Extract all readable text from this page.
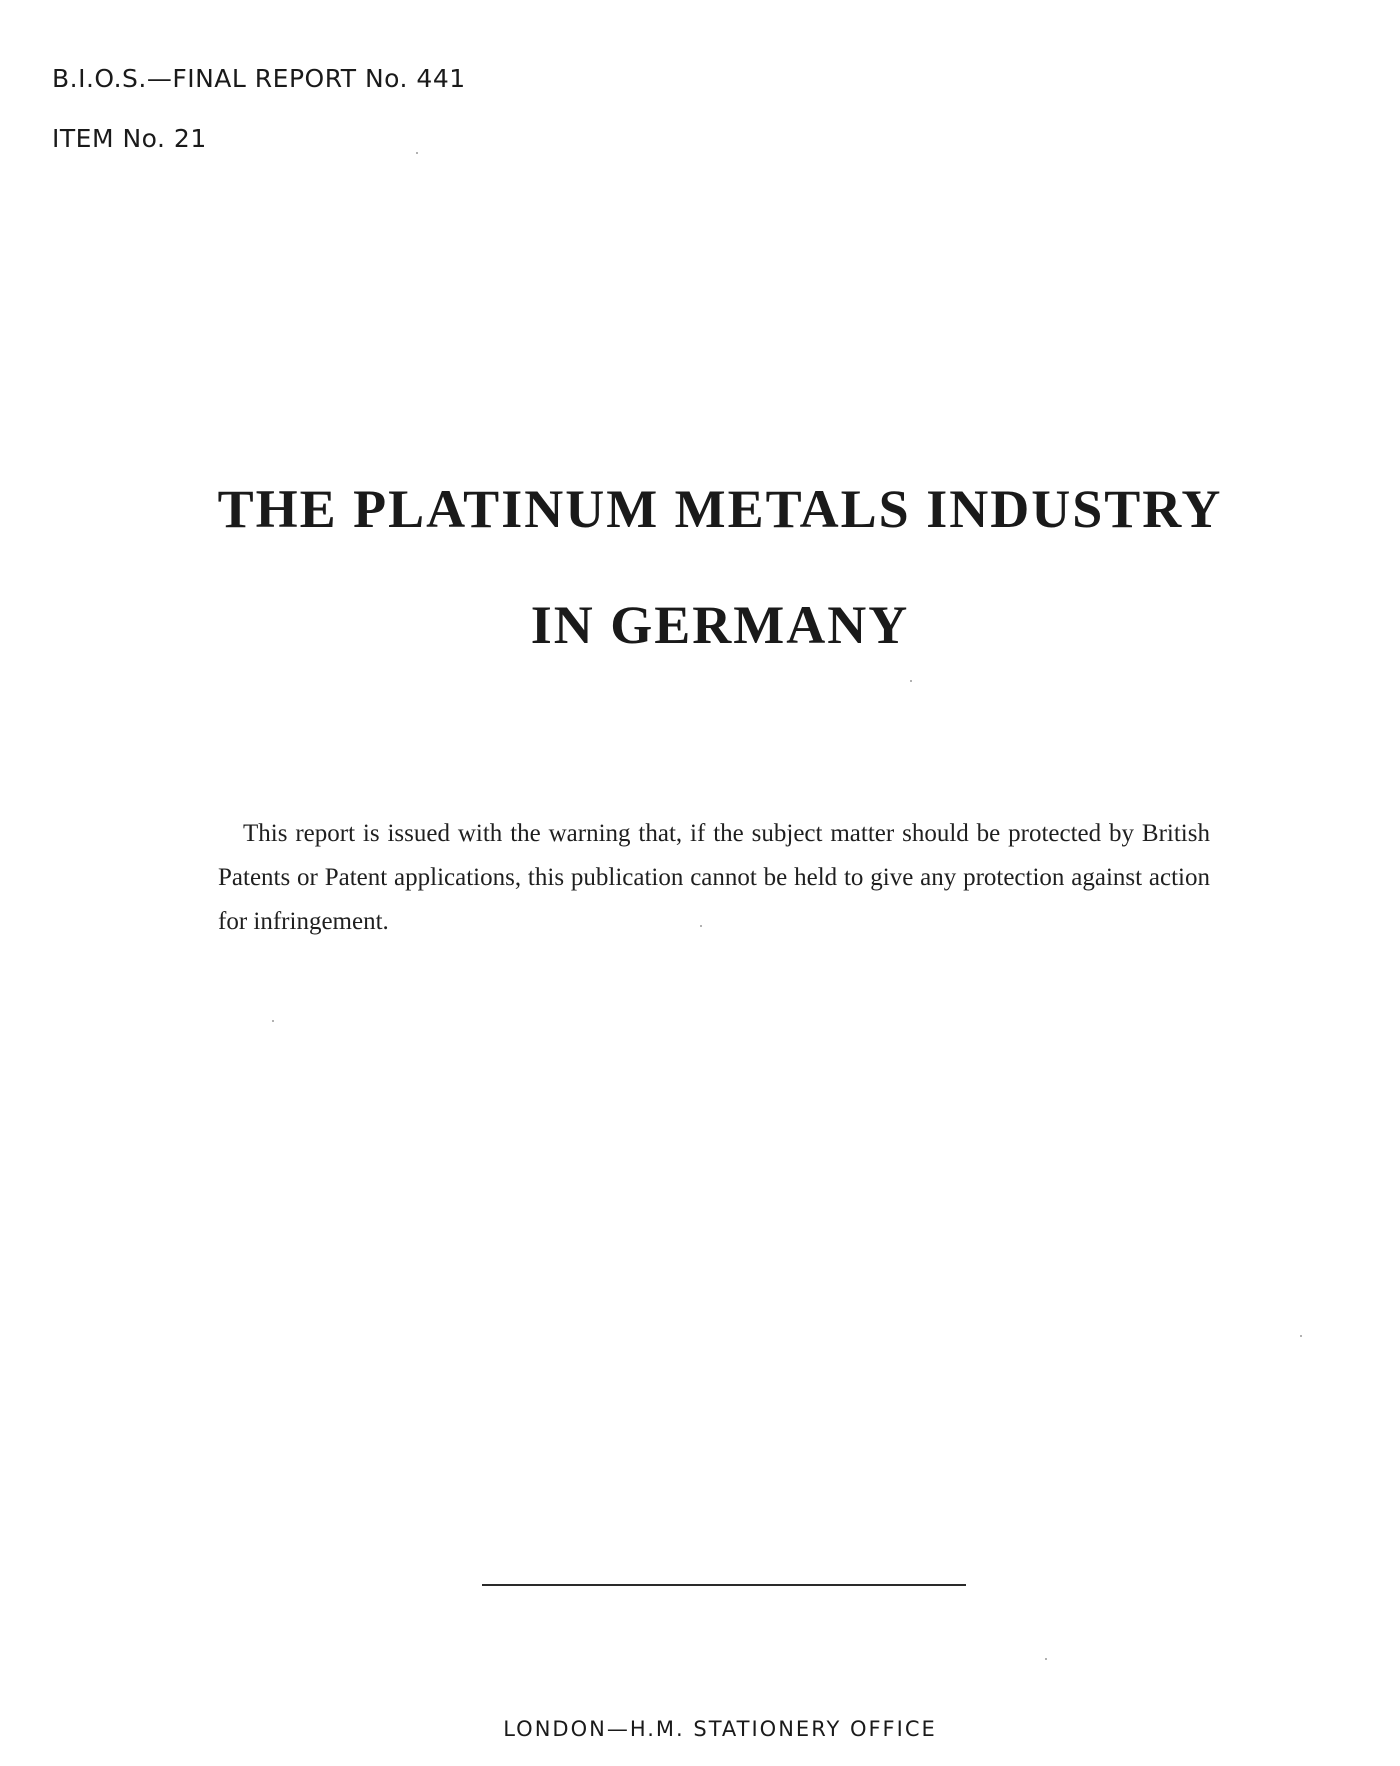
B.I.O.S.—FINAL REPORT No. 441
ITEM No. 21
THE PLATINUM METALS INDUSTRY
IN GERMANY
This report is issued with the warning that, if the subject matter should be protected by British Patents or Patent applications, this publication cannot be held to give any protection against action for infringement.
LONDON—H.M. STATIONERY OFFICE
